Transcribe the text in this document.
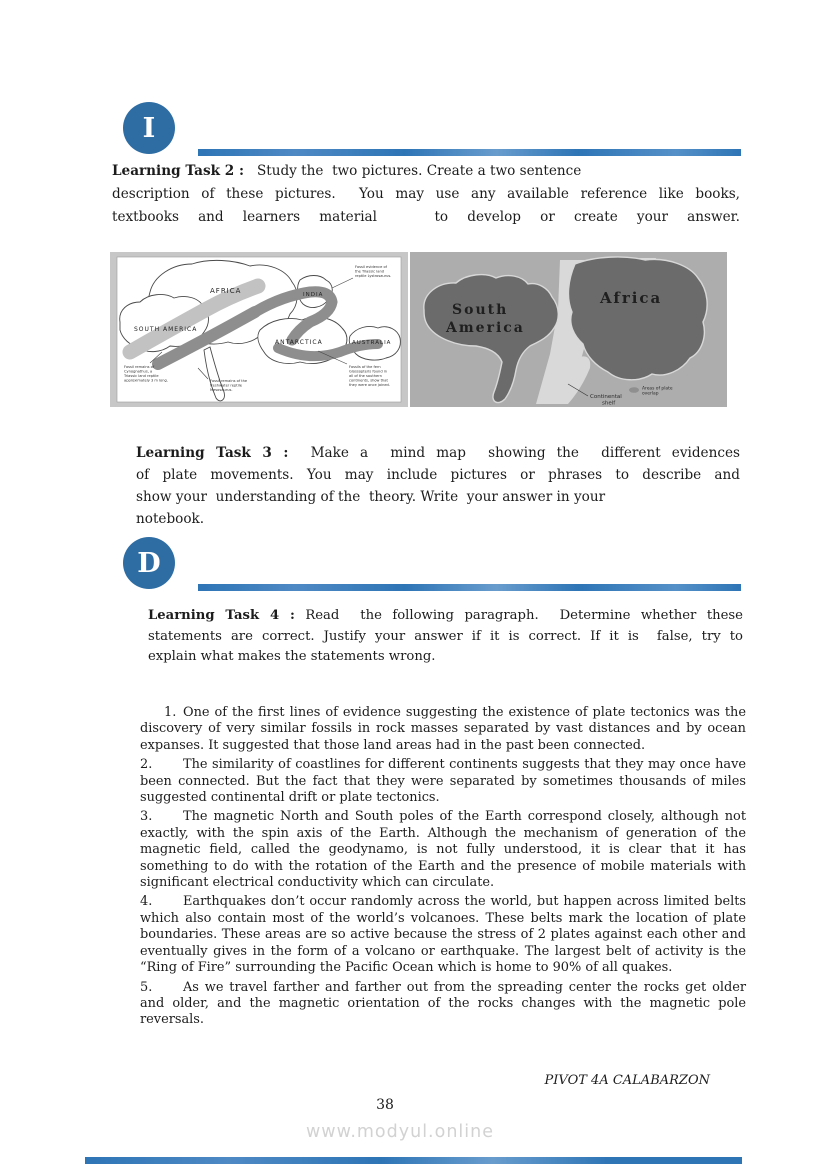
I
Learning Task 2 :   Study the  two pictures. Create a two sentence
description of these pictures.  You may use any available reference like books,
textbooks and learners material   to develop or create your answer.
AFRICA	INDIA
SOUTH AMERICA
ANTARCTICA	AUSTRALIA
Fossil evidence of
the Triassic land
reptile Lystrosaurus.
Fossil remains of
Cynognathus, a
Triassic land reptile
approximately 3 m long.	Fossil remains of the
freshwater reptile
Mesosaurus.
Fossils of the fern
Glossopteris found in
all of the southern
continents, show that
they were once joined.
South
America
Africa
Continental
shelf
Areas of plate
overlap
Learning Task 3 :  Make a  mind map  showing the  different evidences
of plate movements. You may include pictures or phrases to describe and
show your  understanding of the  theory. Write  your answer in your
notebook.
D
Learning Task 4 : Read  the following paragraph.  Determine whether these
statements are correct. Justify your answer if it is correct. If it is  false, try to
explain what makes the statements wrong.

1. One of the first lines of evidence suggesting the existence of plate tectonics was the discovery of very similar fossils in rock masses separated by vast distances and by ocean expanses. It suggested that those land areas had in the past been connected.

2. The similarity of coastlines for different continents suggests that they may once have been connected. But the fact that they were separated by sometimes thousands of miles suggested continental drift or plate tectonics.

3. The magnetic North and South poles of the Earth correspond closely, although not exactly, with the spin axis of the Earth. Although the mechanism of generation of the magnetic field, called the geodynamo, is not fully understood, it is clear that it has something to do with the rotation of the Earth and the presence of mobile materials with significant electrical conductivity which can circulate.

4. Earthquakes don’t occur randomly across the world, but happen across limited belts which also contain most of the world’s volcanoes. These belts mark the location of plate boundaries. These areas are so active because the stress of 2 plates against each other and eventually gives in the form of a volcano or earthquake. The largest belt of activity is the “Ring of Fire” surrounding the Pacific Ocean which is home to 90% of all quakes.

5. As we travel farther and farther out from the spreading center the rocks get older and older, and the magnetic orientation of the rocks changes with the magnetic pole reversals.

PIVOT 4A CALABARZON
38
www.modyul.online
